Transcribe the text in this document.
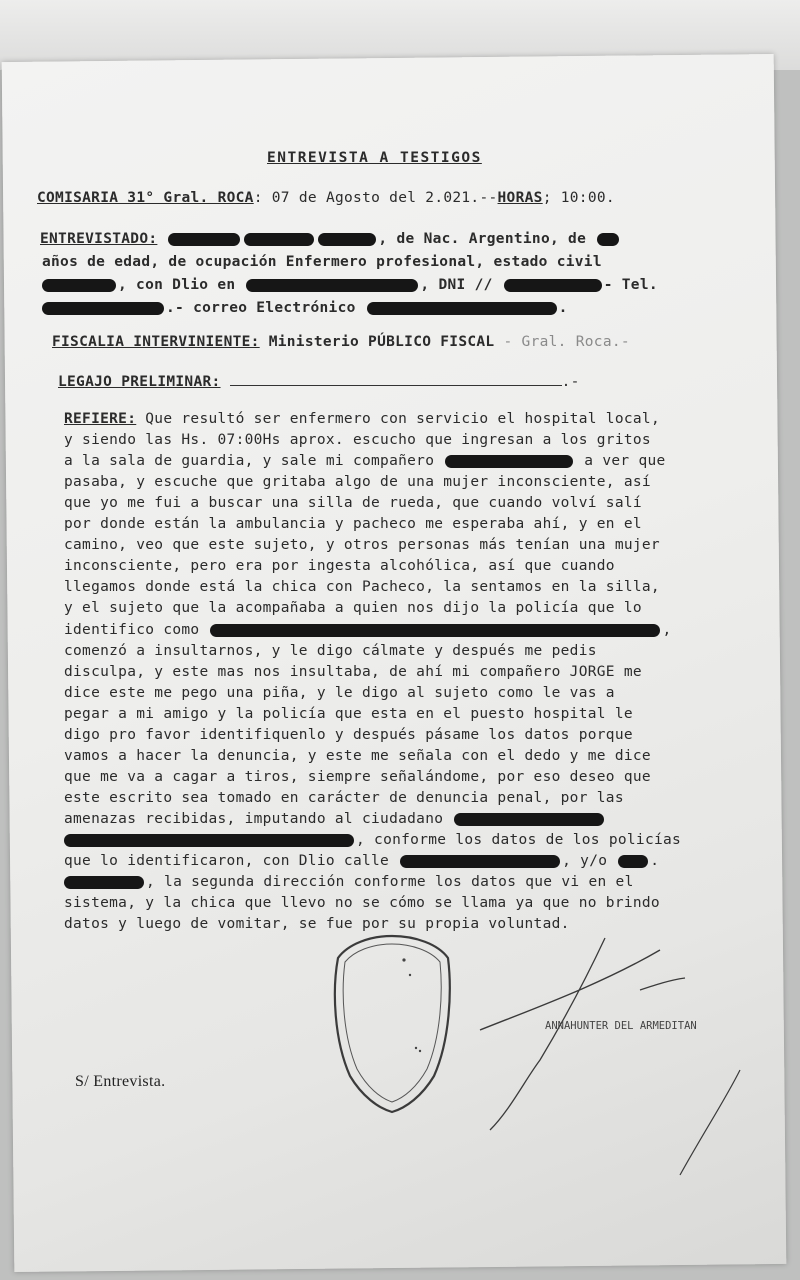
ENTREVISTA A TESTIGOS
COMISARIA 31° Gral. ROCA: 07 de Agosto del 2.021.--HORAS; 10:00.
ENTREVISTADO:	, de Nac. Argentino, de
años de edad, de ocupación Enfermero profesional, estado civil
, con Dlio en	, DNI //	- Tel.
.- correo Electrónico	.
FISCALIA INTERVINIENTE: Ministerio PÚBLICO FISCAL - Gral. Roca.-
LEGAJO PRELIMINAR:	.-
REFIERE: Que resultó ser enfermero con servicio el hospital local,
y siendo las Hs. 07:00Hs aprox. escucho que ingresan a los gritos
a la sala de guardia, y sale mi compañero	a ver que
pasaba, y escuche que gritaba algo de una mujer inconsciente, así
que yo me fui a buscar una silla de rueda, que cuando volví salí
por donde están la ambulancia y pacheco me esperaba ahí, y en el
camino, veo que este sujeto, y otros personas más tenían una mujer
inconsciente, pero era por ingesta alcohólica, así que cuando
llegamos donde está la chica con Pacheco, la sentamos en la silla,
y el sujeto que la acompañaba a quien nos dijo la policía que lo
identifico como	,
comenzó a insultarnos, y le digo cálmate y después me pedis
disculpa, y este mas nos insultaba, de ahí mi compañero JORGE me
dice este me pego una piña, y le digo al sujeto como le vas a
pegar a mi amigo y la policía que esta en el puesto hospital le
digo pro favor identifiquenlo y después pásame los datos porque
vamos a hacer la denuncia, y este me señala con el dedo y me dice
que me va a cagar a tiros, siempre señalándome, por eso deseo que
este escrito sea tomado en carácter de denuncia penal, por las
amenazas recibidas, imputando al ciudadano
, conforme los datos de los policías
que lo identificaron, con Dlio calle	, y/o	.
, la segunda dirección conforme los datos que vi en el
sistema, y la chica que llevo no se cómo se llama ya que no brindo
datos y luego de vomitar, se fue por su propia voluntad.
ANNAHUNTER DEL ARMEDITAN
S/ Entrevista.
